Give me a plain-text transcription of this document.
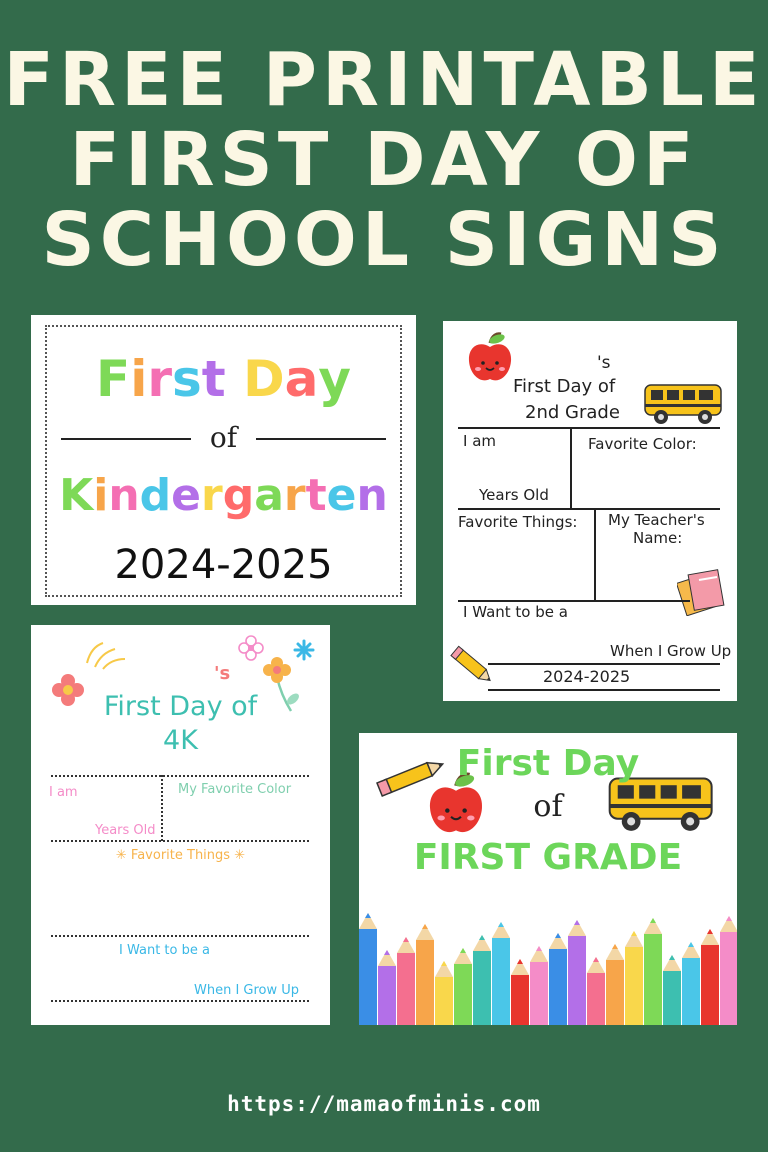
FREE PRINTABLE
FIRST DAY OF
SCHOOL SIGNS
First Day
of
Kindergarten
2024-2025
's
First Day of
2nd Grade
I am	Favorite Color:
Years Old
Favorite Things: My Teacher's
Name:
I Want to be a
When I Grow Up
2024-2025
's
First Day of
4K
I am	My Favorite Color
Years Old
✳ Favorite Things ✳
I Want to be a
When I Grow Up
First Day
of
FIRST GRADE
https://mamaofminis.com
